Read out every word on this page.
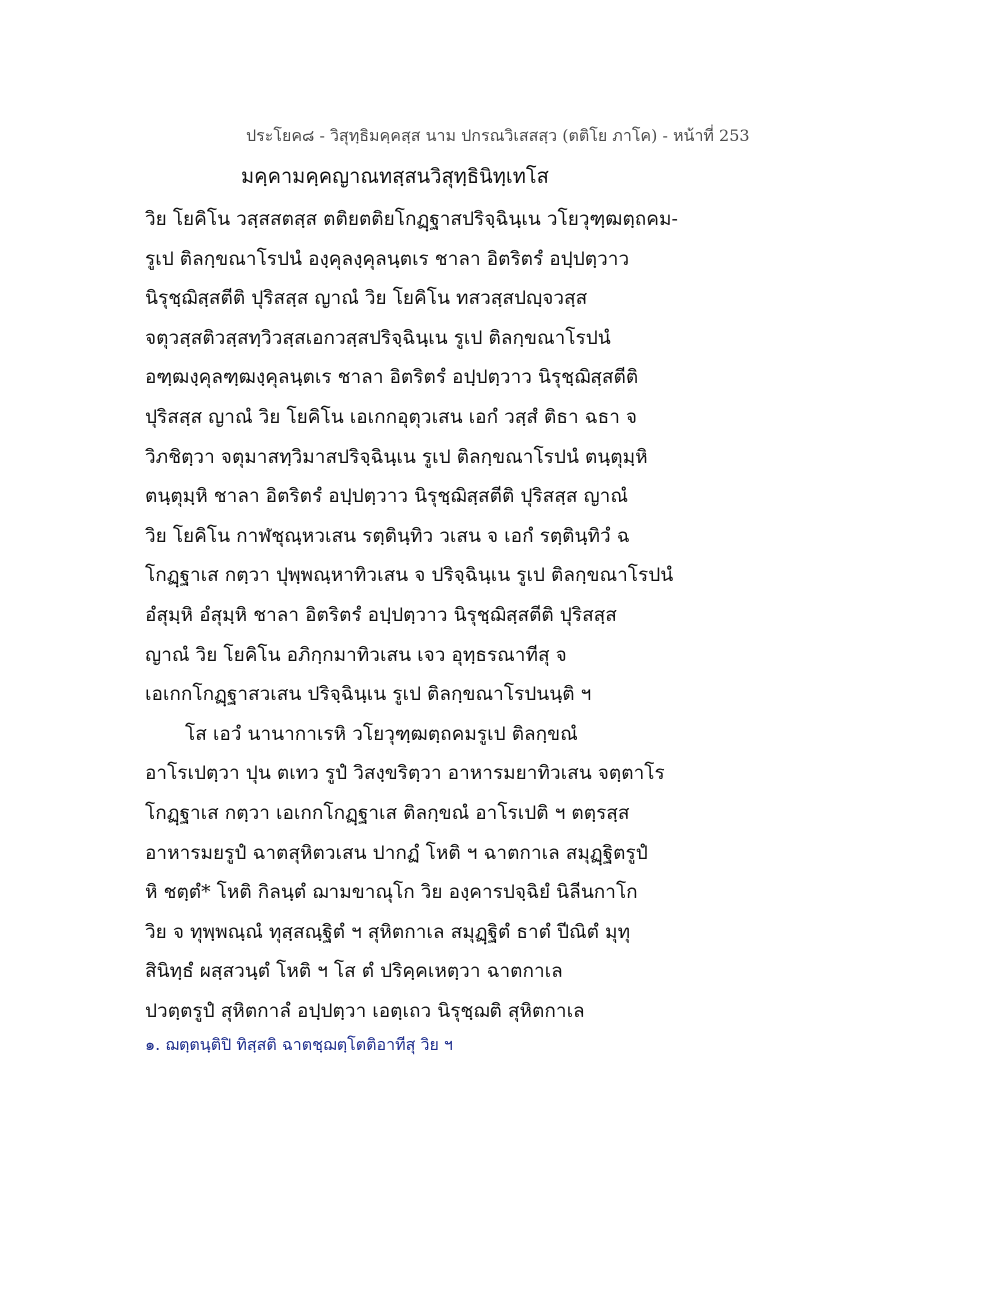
ประโยค๘ - วิสุทฺธิมคฺคสฺส นาม ปกรณวิเสสสฺว (ตติโย ภาโค) - หน้าที่ 253
มคฺคามคฺคญาณทสฺสนวิสุทฺธินิทฺเทโส
วิย โยคิโน วสฺสสตสฺส ตติยตติยโกฏฺฐาสปริจฺฉินฺเน วโยวุฑฺฒตฺถคม-
รูเป ติลกฺขณาโรปนํ องฺคุลงฺคุลนฺตเร ชาลา อิตริตรํ อปฺปตฺวาว
นิรุชฺฌิสฺสตีติ ปุริสสฺส ญาณํ วิย โยคิโน ทสวสฺสปญฺจวสฺส
จตุวสฺสติวสฺสทฺวิวสฺสเอกวสฺสปริจฺฉินฺเน รูเป ติลกฺขณาโรปนํ
อฑฺฒงฺคุลฑฺฒงฺคุลนฺตเร ชาลา อิตริตรํ อปฺปตฺวาว นิรุชฺฌิสฺสตีติ
ปุริสสฺส ญาณํ วิย โยคิโน เอเกกอุตุวเสน เอกํ วสฺสํ ติธา ฉธา จ
วิภชิตฺวา จตุมาสทฺวิมาสปริจฺฉินฺเน รูเป ติลกฺขณาโรปนํ ตนฺตุมฺหิ
ตนฺตุมฺหิ ชาลา อิตริตรํ อปฺปตฺวาว นิรุชฺฌิสฺสตีติ ปุริสสฺส ญาณํ
วิย โยคิโน กาฬชุณฺหวเสน รตฺตินฺทิว วเสน จ เอกํ รตฺตินฺทิวํ ฉ
โกฏฺฐาเส กตฺวา ปุพฺพณฺหาทิวเสน จ ปริจฺฉินฺเน รูเป ติลกฺขณาโรปนํ
อํสุมฺหิ อํสุมฺหิ ชาลา อิตริตรํ อปฺปตฺวาว นิรุชฺฌิสฺสตีติ ปุริสสฺส
ญาณํ วิย โยคิโน อภิกฺกมาทิวเสน เจว อุทฺธรณาทีสุ จ
เอเกกโกฏฺฐาสวเสน ปริจฺฉินฺเน รูเป ติลกฺขณาโรปนนฺติ ฯ
โส เอวํ นานากาเรหิ วโยวุฑฺฒตฺถคมรูเป ติลกฺขณํ
อาโรเปตฺวา ปุน ตเทว รูปํ วิสงฺขริตฺวา อาหารมยาทิวเสน จตฺตาโร
โกฏฺฐาเส กตฺวา เอเกกโกฏฺฐาเส ติลกฺขณํ อาโรเปติ ฯ ตตฺรสฺส
อาหารมยรูปํ ฉาตสุหิตวเสน ปากฏํ โหติ ฯ ฉาตกาเล สมุฏฺฐิตรูปํ
หิ ชตฺตํ* โหติ กิลนฺตํ ฌามขาณุโก วิย องฺคารปจฺฉิยํ นิลีนกาโก
วิย จ ทุพฺพณฺณํ ทุสฺสณฺฐิตํ ฯ สุหิตกาเล สมุฏฺฐิตํ ธาตํ ปีณิตํ มุทุ
สินิทฺธํ ผสฺสวนฺตํ โหติ ฯ โส ตํ ปริคฺคเหตฺวา ฉาตกาเล
ปวตฺตรูปํ สุหิตกาลํ อปฺปตฺวา เอตฺเถว นิรุชฺฌติ สุหิตกาเล
๑. ฌตฺตนฺติปิ ทิสฺสติ ฉาตชฺฌตฺโตติอาทีสุ วิย ฯ
